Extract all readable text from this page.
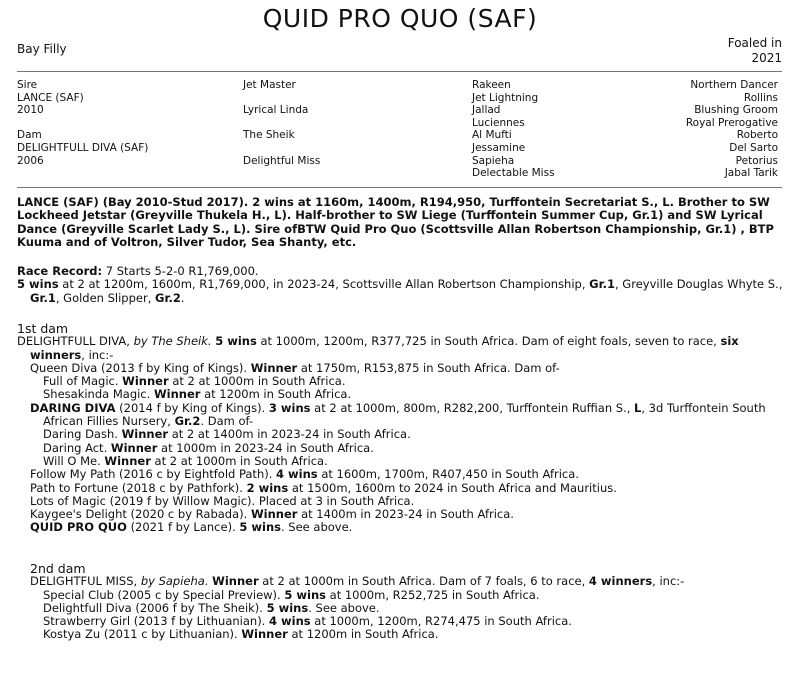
QUID PRO QUO (SAF)
Bay Filly	Foaled in
2021
Sire
LANCE (SAF)
2010

Dam
DELIGHTFULL DIVA (SAF)
2006
Jet Master

Lyrical Linda

The Sheik

Delightful Miss
Rakeen
Jet Lightning
Jallad
Luciennes
Al Mufti
Jessamine
Sapieha
Delectable Miss
Northern Dancer
Rollins
Blushing Groom
Royal Prerogative
Roberto
Del Sarto
Petorius
Jabal Tarik
LANCE (SAF) (Bay 2010-Stud 2017). 2 wins at 1160m, 1400m, R194,950, Turffontein Secretariat S., L. Brother to SW Lockheed Jetstar (Greyville Thukela H., L). Half-brother to SW Liege (Turffontein Summer Cup, Gr.1) and SW Lyrical Dance (Greyville Scarlet Lady S., L). Sire ofBTW Quid Pro Quo (Scottsville Allan Robertson Championship, Gr.1) , BTP Kuuma and of Voltron, Silver Tudor, Sea Shanty, etc.
Race Record: 7 Starts 5-2-0 R1,769,000.
5 wins at 2 at 1200m, 1600m, R1,769,000, in 2023-24, Scottsville Allan Robertson Championship, Gr.1, Greyville Douglas Whyte S., Gr.1, Golden Slipper, Gr.2.
1st dam
DELIGHTFULL DIVA, by The Sheik. 5 wins at 1000m, 1200m, R377,725 in South Africa. Dam of eight foals, seven to race, six winners, inc:-
Queen Diva (2013 f by King of Kings). Winner at 1750m, R153,875 in South Africa. Dam of-
Full of Magic. Winner at 2 at 1000m in South Africa.
Shesakinda Magic. Winner at 1200m in South Africa.
DARING DIVA (2014 f by King of Kings). 3 wins at 2 at 1000m, 800m, R282,200, Turffontein Ruffian S., L, 3d Turffontein South African Fillies Nursery, Gr.2. Dam of-
Daring Dash. Winner at 2 at 1400m in 2023-24 in South Africa.
Daring Act. Winner at 1000m in 2023-24 in South Africa.
Will O Me. Winner at 2 at 1000m in South Africa.
Follow My Path (2016 c by Eightfold Path). 4 wins at 1600m, 1700m, R407,450 in South Africa.
Path to Fortune (2018 c by Pathfork). 2 wins at 1500m, 1600m to 2024 in South Africa and Mauritius.
Lots of Magic (2019 f by Willow Magic). Placed at 3 in South Africa.
Kaygee's Delight (2020 c by Rabada). Winner at 1400m in 2023-24 in South Africa.
QUID PRO QUO (2021 f by Lance). 5 wins. See above.
2nd dam
DELIGHTFUL MISS, by Sapieha. Winner at 2 at 1000m in South Africa. Dam of 7 foals, 6 to race, 4 winners, inc:-
Special Club (2005 c by Special Preview). 5 wins at 1000m, R252,725 in South Africa.
Delightfull Diva (2006 f by The Sheik). 5 wins. See above.
Strawberry Girl (2013 f by Lithuanian). 4 wins at 1000m, 1200m, R274,475 in South Africa.
Kostya Zu (2011 c by Lithuanian). Winner at 1200m in South Africa.
